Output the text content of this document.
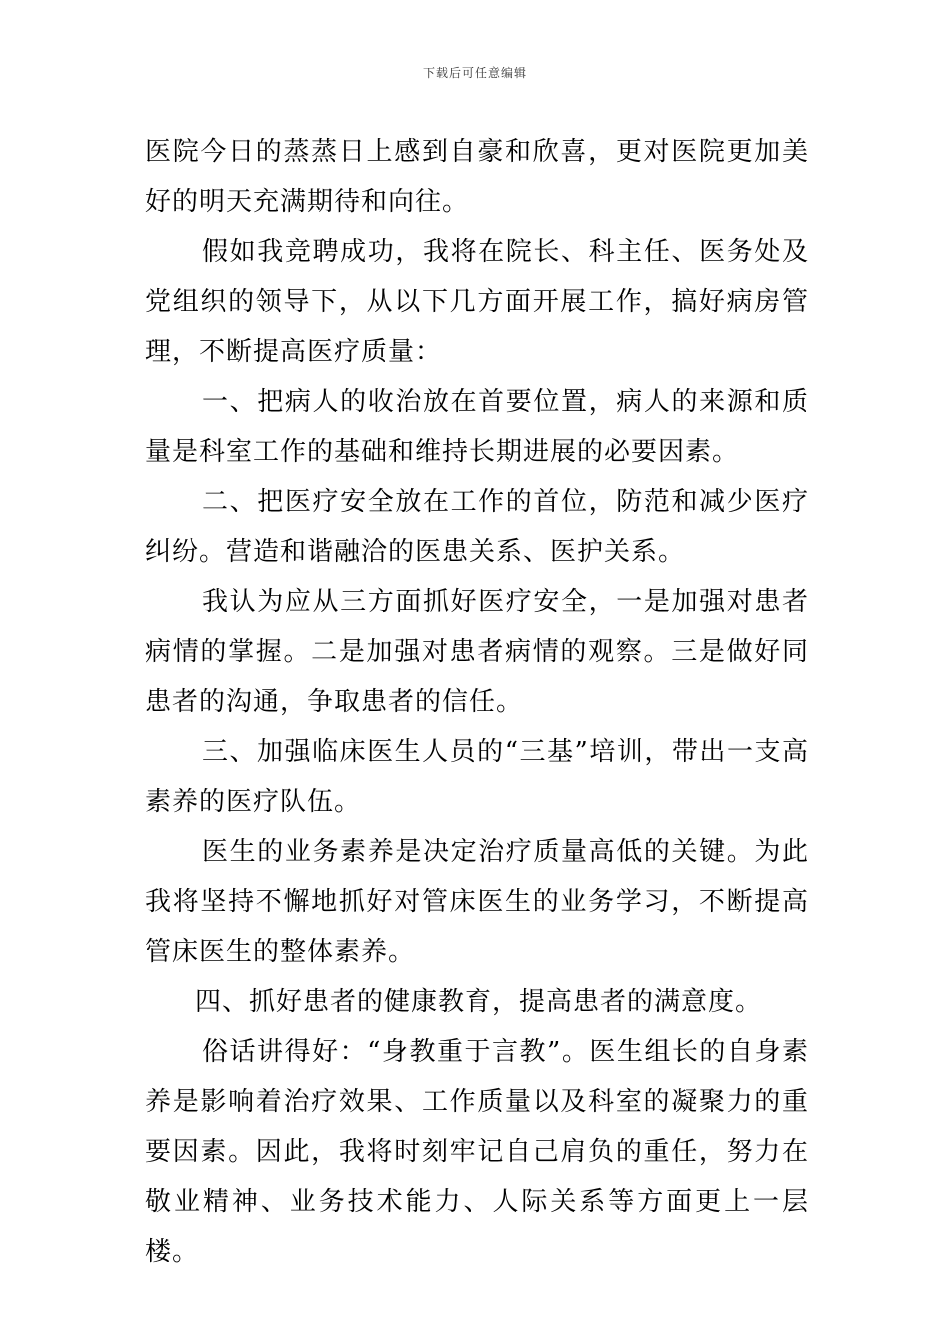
下载后可任意编辑

医院今日的蒸蒸日上感到自豪和欣喜，更对医院更加美好的明天充满期待和向往。

假如我竞聘成功，我将在院长、科主任、医务处及党组织的领导下，从以下几方面开展工作，搞好病房管理，不断提高医疗质量：

一、把病人的收治放在首要位置，病人的来源和质量是科室工作的基础和维持长期进展的必要因素。

二、把医疗安全放在工作的首位，防范和减少医疗纠纷。营造和谐融洽的医患关系、医护关系。

我认为应从三方面抓好医疗安全，一是加强对患者病情的掌握。二是加强对患者病情的观察。三是做好同患者的沟通，争取患者的信任。

三、加强临床医生人员的“三基”培训，带出一支高素养的医疗队伍。

医生的业务素养是决定治疗质量高低的关键。为此我将坚持不懈地抓好对管床医生的业务学习，不断提高管床医生的整体素养。

四、抓好患者的健康教育，提高患者的满意度。

俗话讲得好：“身教重于言教”。医生组长的自身素养是影响着治疗效果、工作质量以及科室的凝聚力的重要因素。因此，我将时刻牢记自己肩负的重任，努力在敬业精神、业务技术能力、人际关系等方面更上一层楼。
